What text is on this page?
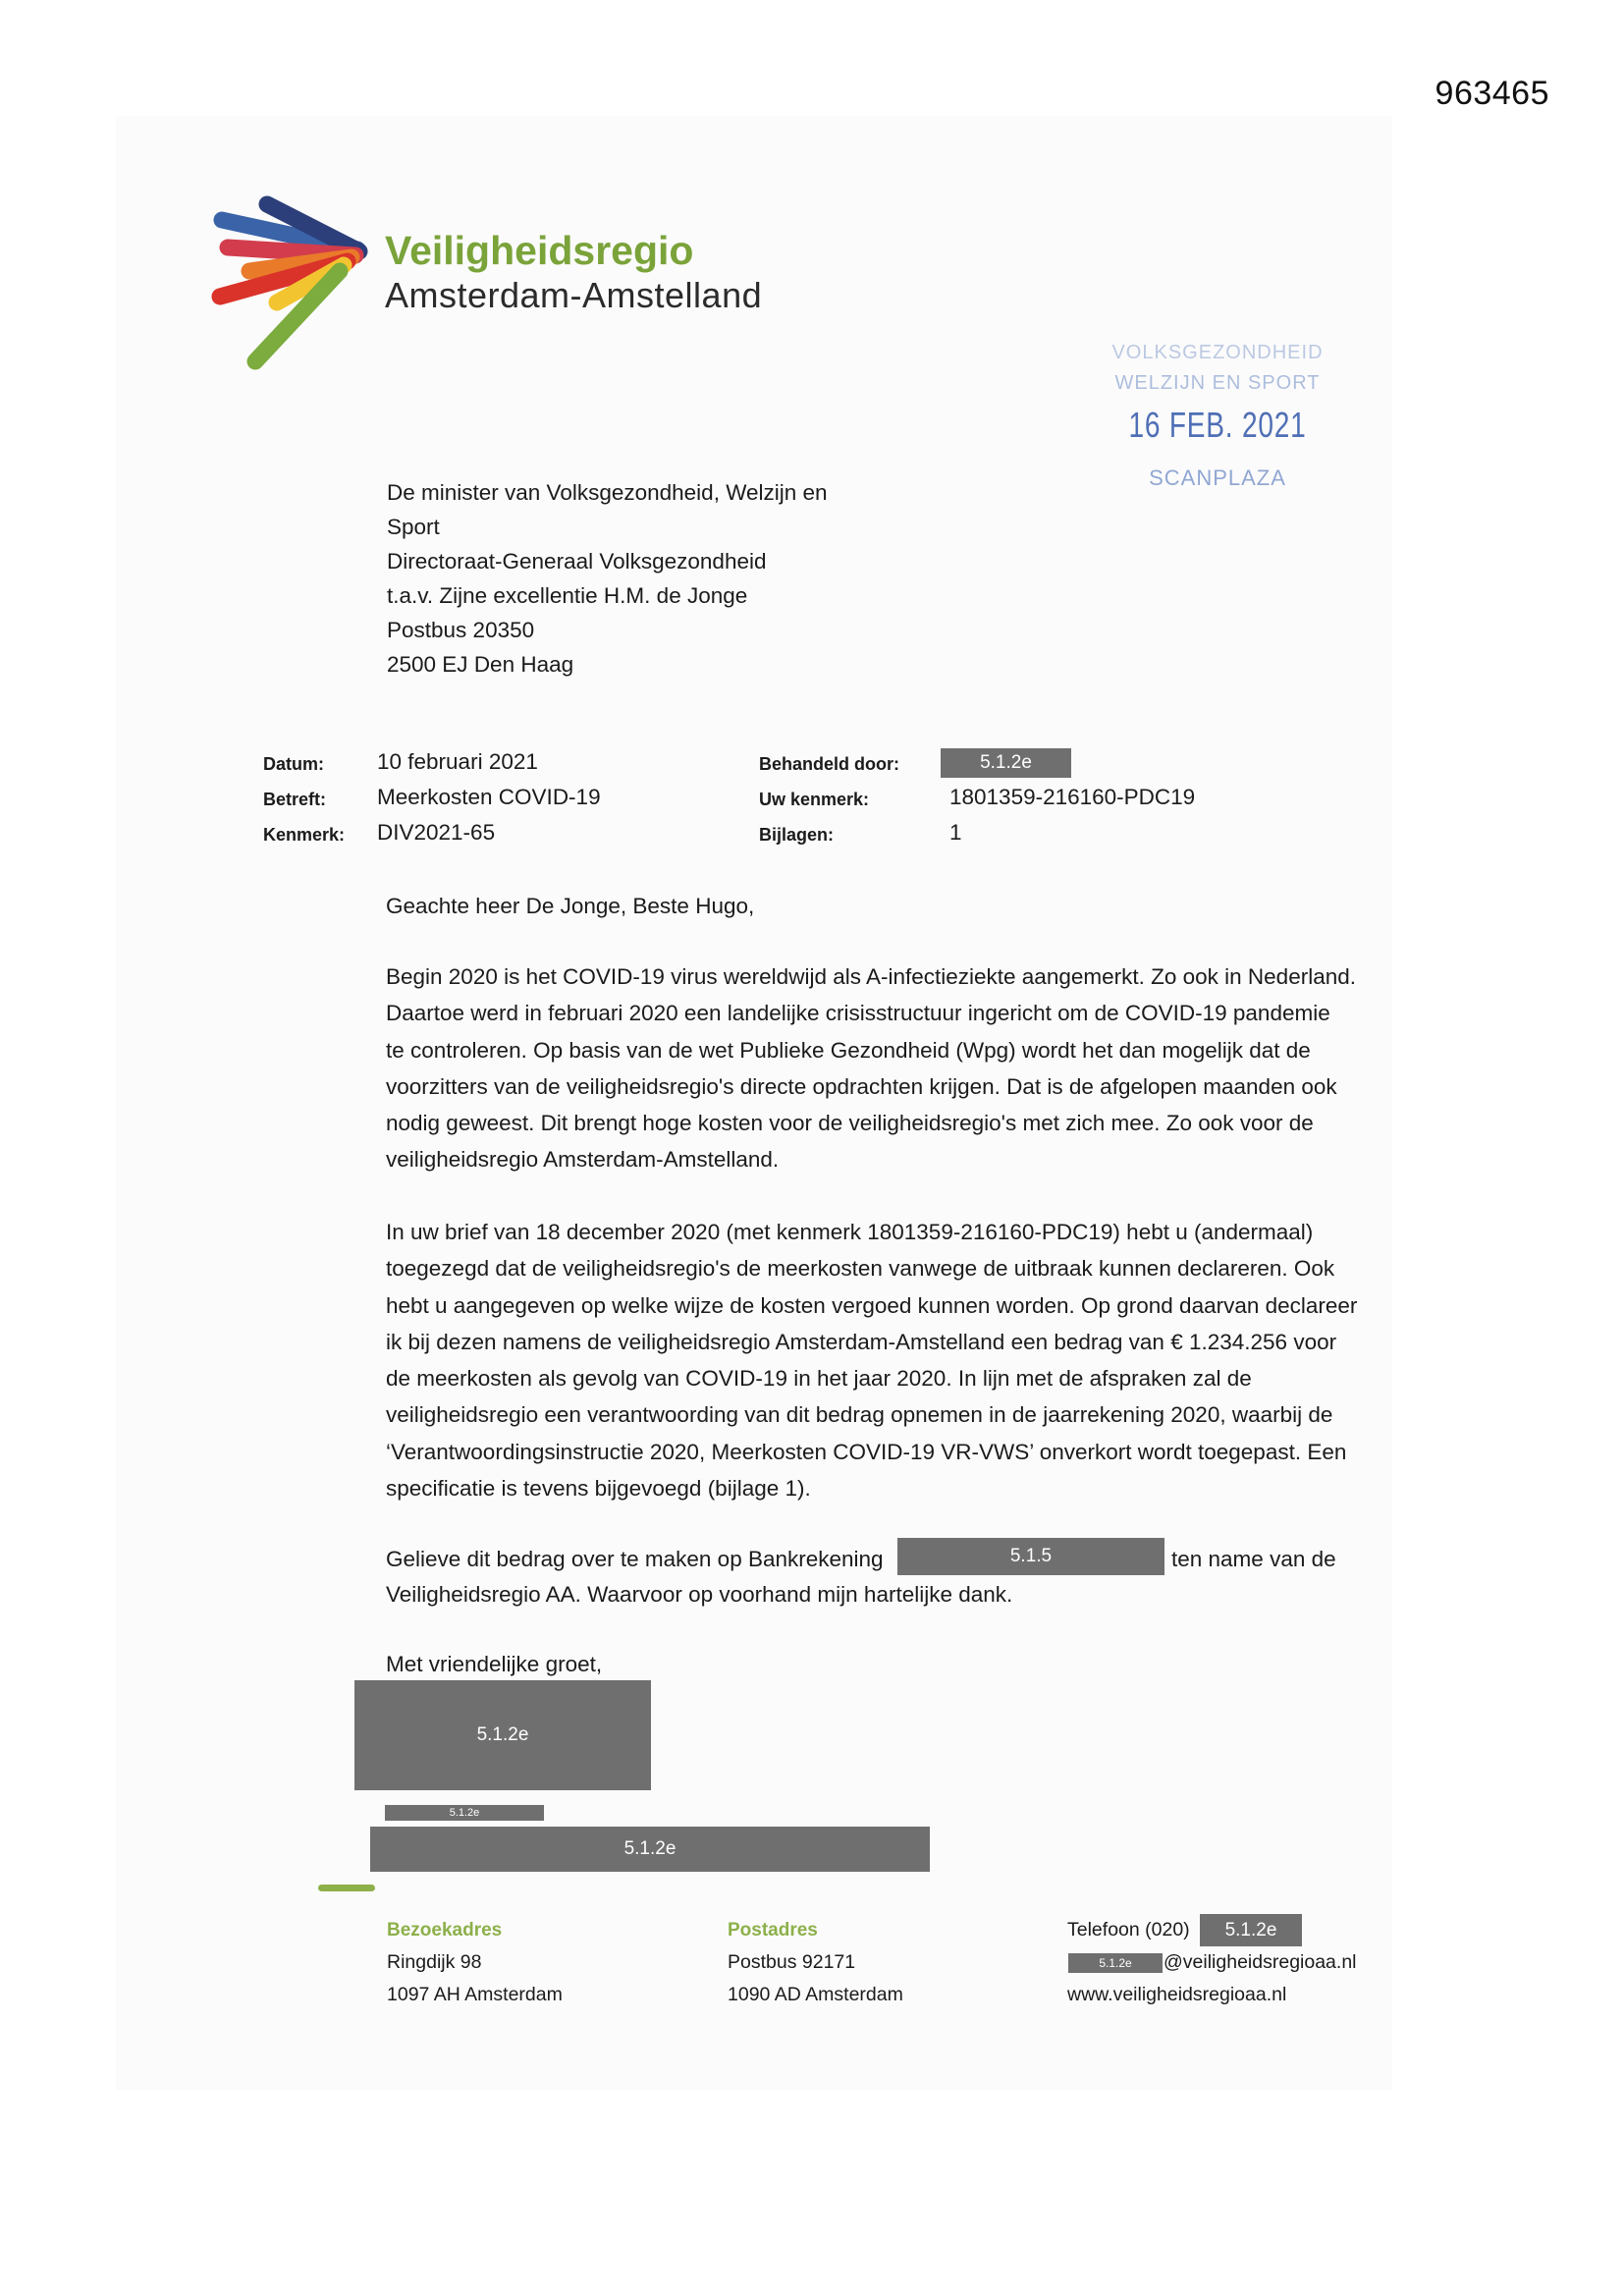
963465
Veiligheidsregio
Amsterdam-Amstelland
VOLKSGEZONDHEID
WELZIJN EN SPORT
16 FEB. 2021
SCANPLAZA
De minister van Volksgezondheid, Welzijn en
Sport
Directoraat-Generaal Volksgezondheid
t.a.v. Zijne excellentie H.M. de Jonge
Postbus 20350
2500 EJ Den Haag
Datum: 10 februari 2021
Betreft: Meerkosten COVID-19
Kenmerk: DIV2021-65
Behandeld door:	5.1.2e
Uw kenmerk:	1801359-216160-PDC19
Bijlagen:	1
Geachte heer De Jonge, Beste Hugo,
Begin 2020 is het COVID-19 virus wereldwijd als A-infectieziekte aangemerkt. Zo ook in Nederland.
Daartoe werd in februari 2020 een landelijke crisisstructuur ingericht om de COVID-19 pandemie
te controleren. Op basis van de wet Publieke Gezondheid (Wpg) wordt het dan mogelijk dat de
voorzitters van de veiligheidsregio's directe opdrachten krijgen. Dat is de afgelopen maanden ook
nodig geweest. Dit brengt hoge kosten voor de veiligheidsregio's met zich mee. Zo ook voor de
veiligheidsregio Amsterdam-Amstelland.
In uw brief van 18 december 2020 (met kenmerk 1801359-216160-PDC19) hebt u (andermaal)
toegezegd dat de veiligheidsregio's de meerkosten vanwege de uitbraak kunnen declareren. Ook
hebt u aangegeven op welke wijze de kosten vergoed kunnen worden. Op grond daarvan declareer
ik bij dezen namens de veiligheidsregio Amsterdam-Amstelland een bedrag van € 1.234.256 voor
de meerkosten als gevolg van COVID-19 in het jaar 2020. In lijn met de afspraken zal de
veiligheidsregio een verantwoording van dit bedrag opnemen in de jaarrekening 2020, waarbij de
‘Verantwoordingsinstructie 2020, Meerkosten COVID-19 VR-VWS’ onverkort wordt toegepast. Een
specificatie is tevens bijgevoegd (bijlage 1).
Gelieve dit bedrag over te maken op Bankrekening	5.1.5	ten name van de
Veiligheidsregio AA. Waarvoor op voorhand mijn hartelijke dank.
Met vriendelijke groet,
5.1.2e
5.1.2e
5.1.2e
Bezoekadres
Ringdijk 98
1097 AH Amsterdam
Postadres
Postbus 92171
1090 AD Amsterdam
Telefoon (020)	5.1.2e
5.1.2e	@veiligheidsregioaa.nl
www.veiligheidsregioaa.nl
